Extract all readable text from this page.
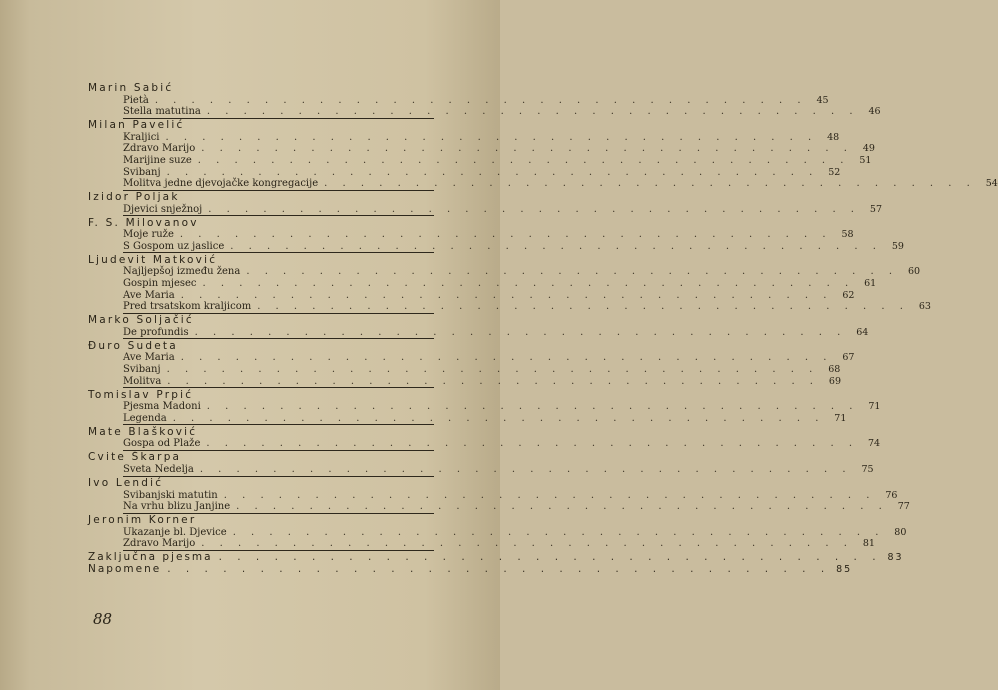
Marin Sabić
Pietà . . . . . . . . . . . . . . . . . . . . . . . . . . . . . . . . . . . .	45
Stella matutina . . . . . . . . . . . . . . . . . . . . . . . . . . . . . . . . . . . .	46
Milan Pavelić
Kraljici . . . . . . . . . . . . . . . . . . . . . . . . . . . . . . . . . . . .	48
Zdravo Marijo . . . . . . . . . . . . . . . . . . . . . . . . . . . . . . . . . . . .	49
Marijine suze . . . . . . . . . . . . . . . . . . . . . . . . . . . . . . . . . . . .	51
Svibanj . . . . . . . . . . . . . . . . . . . . . . . . . . . . . . . . . . . .	52
Molitva jedne djevojačke kongregacije . . . . . . . . . . . . . . . . . . . . . . . . . . . . . . . . . . . .	54
Izidor Poljak
Djevici snježnoj . . . . . . . . . . . . . . . . . . . . . . . . . . . . . . . . . . . .	57
F. S. Milovanov
Moje ruže . . . . . . . . . . . . . . . . . . . . . . . . . . . . . . . . . . . .	58
S Gospom uz jaslice . . . . . . . . . . . . . . . . . . . . . . . . . . . . . . . . . . . .	59
Ljudevit Matković
Najljepšoj između žena . . . . . . . . . . . . . . . . . . . . . . . . . . . . . . . . . . . .	60
Gospin mjesec . . . . . . . . . . . . . . . . . . . . . . . . . . . . . . . . . . . .	61
Ave Maria . . . . . . . . . . . . . . . . . . . . . . . . . . . . . . . . . . . .	62
Pred trsatskom kraljicom . . . . . . . . . . . . . . . . . . . . . . . . . . . . . . . . . . . .	63
Marko Soljačić
De profundis . . . . . . . . . . . . . . . . . . . . . . . . . . . . . . . . . . . .	64
Đuro Sudeta
Ave Maria . . . . . . . . . . . . . . . . . . . . . . . . . . . . . . . . . . . .	67
Svibanj . . . . . . . . . . . . . . . . . . . . . . . . . . . . . . . . . . . .	68
Molitva . . . . . . . . . . . . . . . . . . . . . . . . . . . . . . . . . . . .	69
Tomislav Prpić
Pjesma Madoni . . . . . . . . . . . . . . . . . . . . . . . . . . . . . . . . . . . .	71
Legenda . . . . . . . . . . . . . . . . . . . . . . . . . . . . . . . . . . . .	71
Mate Blašković
Gospa od Plaže . . . . . . . . . . . . . . . . . . . . . . . . . . . . . . . . . . . .	74
Cvite Škarpa
Sveta Nedelja . . . . . . . . . . . . . . . . . . . . . . . . . . . . . . . . . . . .	75
Ivo Lendić
Svibanjski matutin . . . . . . . . . . . . . . . . . . . . . . . . . . . . . . . . . . . .	76
Na vrhu blizu Janjine . . . . . . . . . . . . . . . . . . . . . . . . . . . . . . . . . . . .	77
Jeronim Korner
Ukazanje bl. Djevice . . . . . . . . . . . . . . . . . . . . . . . . . . . . . . . . . . . .	80
Zdravo Marijo . . . . . . . . . . . . . . . . . . . . . . . . . . . . . . . . . . . .	81
Zaključna pjesma . . . . . . . . . . . . . . . . . . . . . . . . . . . . . . . . . . . . 83
Napomene . . . . . . . . . . . . . . . . . . . . . . . . . . . . . . . . . . . . 85
88
